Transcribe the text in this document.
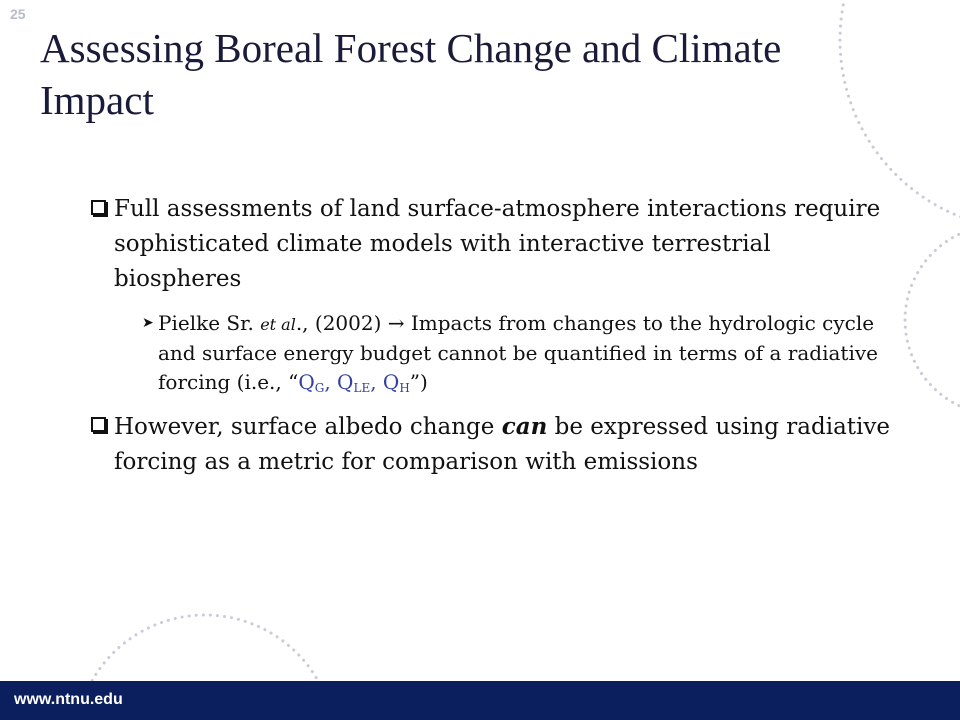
25
Assessing Boreal Forest Change and Climate Impact

Full assessments of land surface-atmosphere interactions require sophisticated climate models with interactive terrestrial biospheres

➤ Pielke Sr. et al., (2002) → Impacts from changes to the hydrologic cycle and surface energy budget cannot be quantified in terms of a radiative forcing (i.e., “$Q_G$, $Q_{LE}$, $Q_H$”)

However, surface albedo change can be expressed using radiative forcing as a metric for comparison with emissions

www.ntnu.edu
